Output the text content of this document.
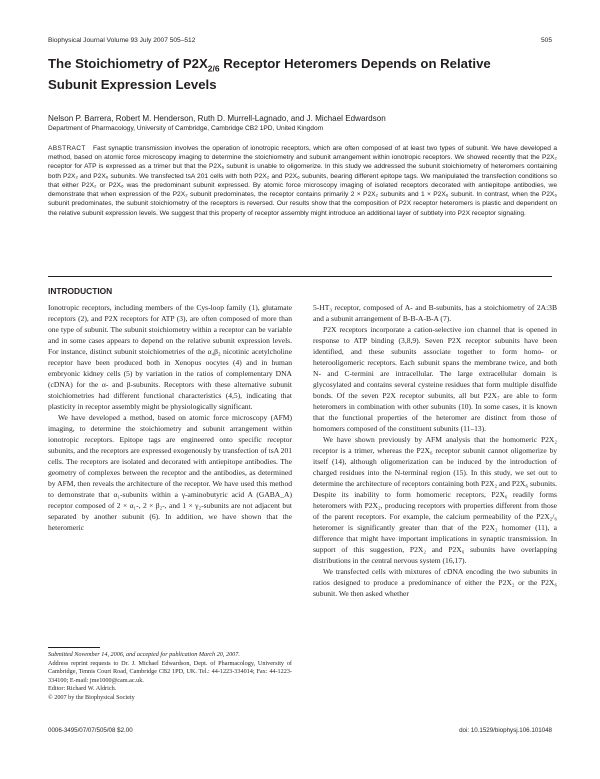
Biophysical Journal Volume 93 July 2007 505–512	505
The Stoichiometry of $P2X_{2/6}$ Receptor Heteromers Depends on Relative
Subunit Expression Levels
Nelson P. Barrera, Robert M. Henderson, Ruth D. Murrell-Lagnado, and J. Michael Edwardson
Department of Pharmacology, University of Cambridge, Cambridge CB2 1PD, United Kingdom
ABSTRACT Fast synaptic transmission involves the operation of ionotropic receptors, which are often composed of at least two types of subunit. We have developed a method, based on atomic force microscopy imaging to determine the stoichiometry and subunit arrangement within ionotropic receptors. We showed recently that the P2X₂ receptor for ATP is expressed as a trimer but that the P2X₆ subunit is unable to oligomerize. In this study we addressed the subunit stoichiometry of heteromers containing both P2X₂ and P2X₆ subunits. We transfected tsA 201 cells with both P2X₂ and P2X₆ subunits, bearing different epitope tags. We manipulated the transfection conditions so that either P2X₂ or P2X₆ was the predominant subunit expressed. By atomic force microscopy imaging of isolated receptors decorated with antiepitope antibodies, we demonstrate that when expression of the P2X₂ subunit predominates, the receptor contains primarily 2 × P2X₂ subunits and 1 × P2X₆ subunit. In contrast, when the P2X₆ subunit predominates, the subunit stoichiometry of the receptors is reversed. Our results show that the composition of P2X receptor heteromers is plastic and dependent on the relative subunit expression levels. We suggest that this property of receptor assembly might introduce an additional layer of subtlety into P2X receptor signaling.
INTRODUCTION

Ionotropic receptors, including members of the Cys-loop family (1), glutamate receptors (2), and P2X receptors for ATP (3), are often composed of more than one type of subunit. The subunit stoichiometry within a receptor can be variable and in some cases appears to depend on the relative subunit expression levels. For instance, distinct subunit stoichiometries of the α₄β₂ nicotinic acetylcholine receptor have been produced both in Xenopus oocytes (4) and in human embryonic kidney cells (5) by variation in the ratios of complementary DNA (cDNA) for the α- and β-subunits. Receptors with these alternative subunit stoichiometries had different functional characteristics (4,5), indicating that plasticity in receptor assembly might be physiologically significant.

We have developed a method, based on atomic force microscopy (AFM) imaging, to determine the stoichiometry and subunit arrangement within ionotropic receptors. Epitope tags are engineered onto specific receptor subunits, and the receptors are expressed exogenously by transfection of tsA 201 cells. The receptors are isolated and decorated with antiepitope antibodies. The geometry of complexes between the receptor and the antibodies, as determined by AFM, then reveals the architecture of the receptor. We have used this method to demonstrate that α₁-subunits within a γ-aminobutyric acid A (GABA_A) receptor composed of 2 × α₁-, 2 × β₂-, and 1 × γ₂-subunits are not adjacent but separated by another subunit (6). In addition, we have shown that the heteromeric

5-HT₃ receptor, composed of A- and B-subunits, has a stoichiometry of 2A:3B and a subunit arrangement of B-B-A-B-A (7).

P2X receptors incorporate a cation-selective ion channel that is opened in response to ATP binding (3,8,9). Seven P2X receptor subunits have been identified, and these subunits associate together to form homo- or heterooligomeric receptors. Each subunit spans the membrane twice, and both N- and C-termini are intracellular. The large extracellular domain is glycosylated and contains several cysteine residues that form multiple disulfide bonds. Of the seven P2X receptor subunits, all but P2X₇ are able to form heteromers in combination with other subunits (10). In some cases, it is known that the functional properties of the heteromer are distinct from those of homomers composed of the constituent subunits (11–13).

We have shown previously by AFM analysis that the homomeric P2X₂ receptor is a trimer, whereas the P2X₆ receptor subunit cannot oligomerize by itself (14), although oligomerization can be induced by the introduction of charged residues into the N-terminal region (15). In this study, we set out to determine the architecture of receptors containing both P2X₂ and P2X₆ subunits. Despite its inability to form homomeric receptors, P2X₆ readily forms heteromers with P2X₂, producing receptors with properties different from those of the parent receptors. For example, the calcium permeability of the P2X₂/₆ heteromer is significantly greater than that of the P2X₂ homomer (11), a difference that might have important implications in synaptic transmission. In support of this suggestion, P2X₂ and P2X₆ subunits have overlapping distributions in the central nervous system (16,17).

We transfected cells with mixtures of cDNA encoding the two subunits in ratios designed to produce a predominance of either the P2X₂ or the P2X₆ subunit. We then asked whether

Submitted November 14, 2006, and accepted for publication March 20, 2007.

Address reprint requests to Dr. J. Michael Edwardson, Dept. of Pharmacology, University of Cambridge, Tennis Court Road, Cambridge CB2 1PD, UK. Tel.: 44-1223-334014; Fax: 44-1223-334100; E-mail: jme1000@cam.ac.uk.

Editor: Richard W. Aldrich.

© 2007 by the Biophysical Society

0006-3495/07/07/505/08 $2.00	doi: 10.1529/biophysj.106.101048
